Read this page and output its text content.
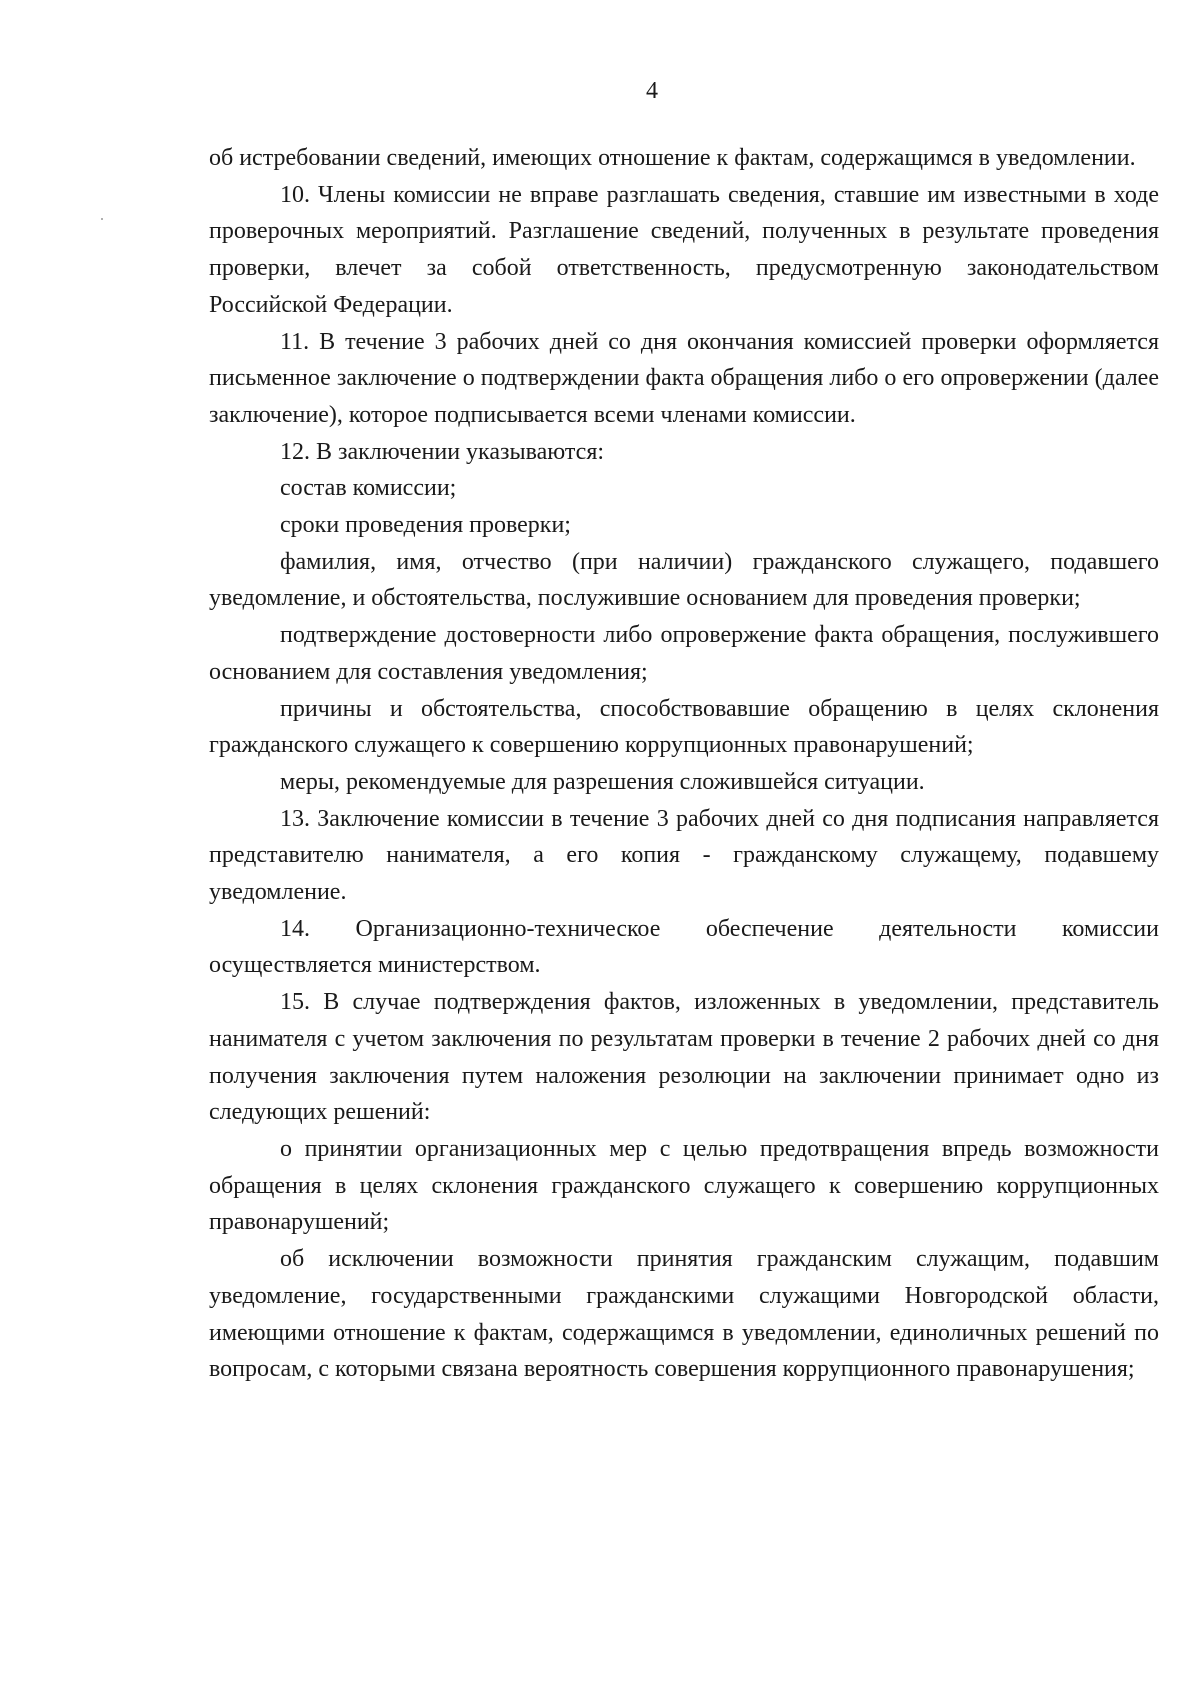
4

об истребовании сведений, имеющих отношение к фактам, содержащимся в уведомлении.

10. Члены комиссии не вправе разглашать сведения, ставшие им известными в ходе проверочных мероприятий. Разглашение сведений, полученных в результате проведения проверки, влечет за собой ответственность, предусмотренную законодательством Российской Федерации.

11. В течение 3 рабочих дней со дня окончания комиссией проверки оформляется письменное заключение о подтверждении факта обращения либо о его опровержении (далее заключение), которое подписывается всеми членами комиссии.

12. В заключении указываются:

состав комиссии;

сроки проведения проверки;

фамилия, имя, отчество (при наличии) гражданского служащего, подавшего уведомление, и обстоятельства, послужившие основанием для проведения проверки;

подтверждение достоверности либо опровержение факта обращения, послужившего основанием для составления уведомления;

причины и обстоятельства, способствовавшие обращению в целях склонения гражданского служащего к совершению коррупционных правонарушений;

меры, рекомендуемые для разрешения сложившейся ситуации.

13. Заключение комиссии в течение 3 рабочих дней со дня подписания направляется представителю нанимателя, а его копия - гражданскому служащему, подавшему уведомление.

14. Организационно-техническое обеспечение деятельности комиссии осуществляется министерством.

15. В случае подтверждения фактов, изложенных в уведомлении, представитель нанимателя с учетом заключения по результатам проверки в течение 2 рабочих дней со дня получения заключения путем наложения резолюции на заключении принимает одно из следующих решений:

о принятии организационных мер с целью предотвращения впредь возможности обращения в целях склонения гражданского служащего к совершению коррупционных правонарушений;

об исключении возможности принятия гражданским служащим, подавшим уведомление, государственными гражданскими служащими Новгородской области, имеющими отношение к фактам, содержащимся в уведомлении, единоличных решений по вопросам, с которыми связана вероятность совершения коррупционного правонарушения;
